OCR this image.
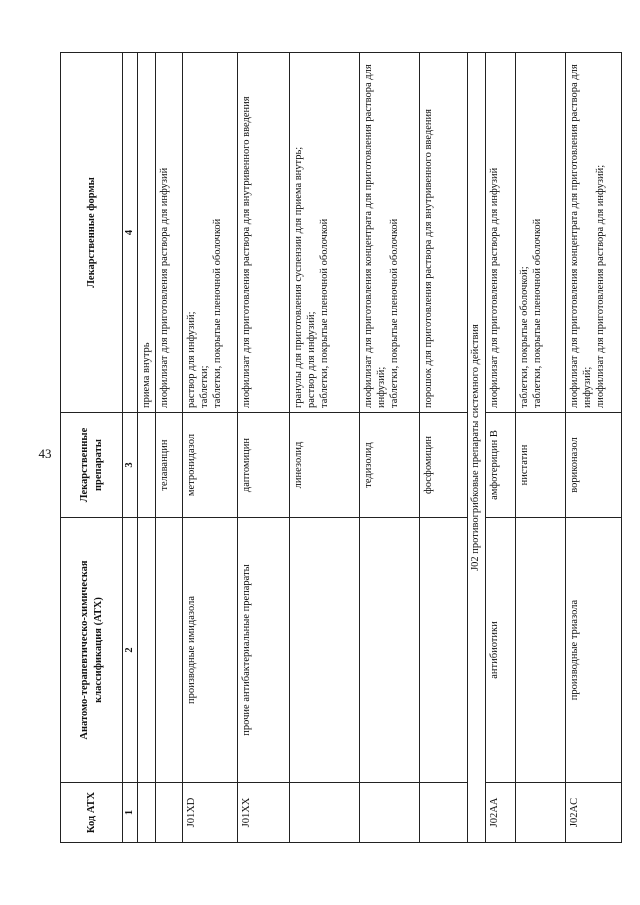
43
Код АТХ	Анатомо-терапевтическо-химическая классификация (АТХ)	Лекарственные препараты	Лекарственные формы
1	2	3	4

			приема внутрь

		телаванцин	лиофилизат для приготовления раствора для инфузий

J01XD	производные имидазола	метронидазол	раствор для инфузий; таблетки; таблетки, покрытые пленочной оболочкой

J01XX	прочие антибактериальные препараты	даптомицин	лиофилизат для приготовления раствора для внутривенного введения

		линезолид	гранулы для приготовления суспензии для приема внутрь; раствор для инфузий; таблетки, покрытые пленочной оболочкой

		тедизолид	лиофилизат для приготовления концентрата для приготовления раствора для инфузий; таблетки, покрытые пленочной оболочкой

		фосфомицин	порошок для приготовления раствора для внутривенного введения

J02 противогрибковые препараты системного действия			
J02AA	антибиотики	амфотерицин В	лиофилизат для приготовления раствора для инфузий

		нистатин	таблетки, покрытые оболочкой; таблетки, покрытые пленочной оболочкой

J02AC	производные триазола	вориконазол	лиофилизат для приготовления концентрата для приготовления раствора для инфузий; лиофилизат для приготовления раствора для инфузий;
